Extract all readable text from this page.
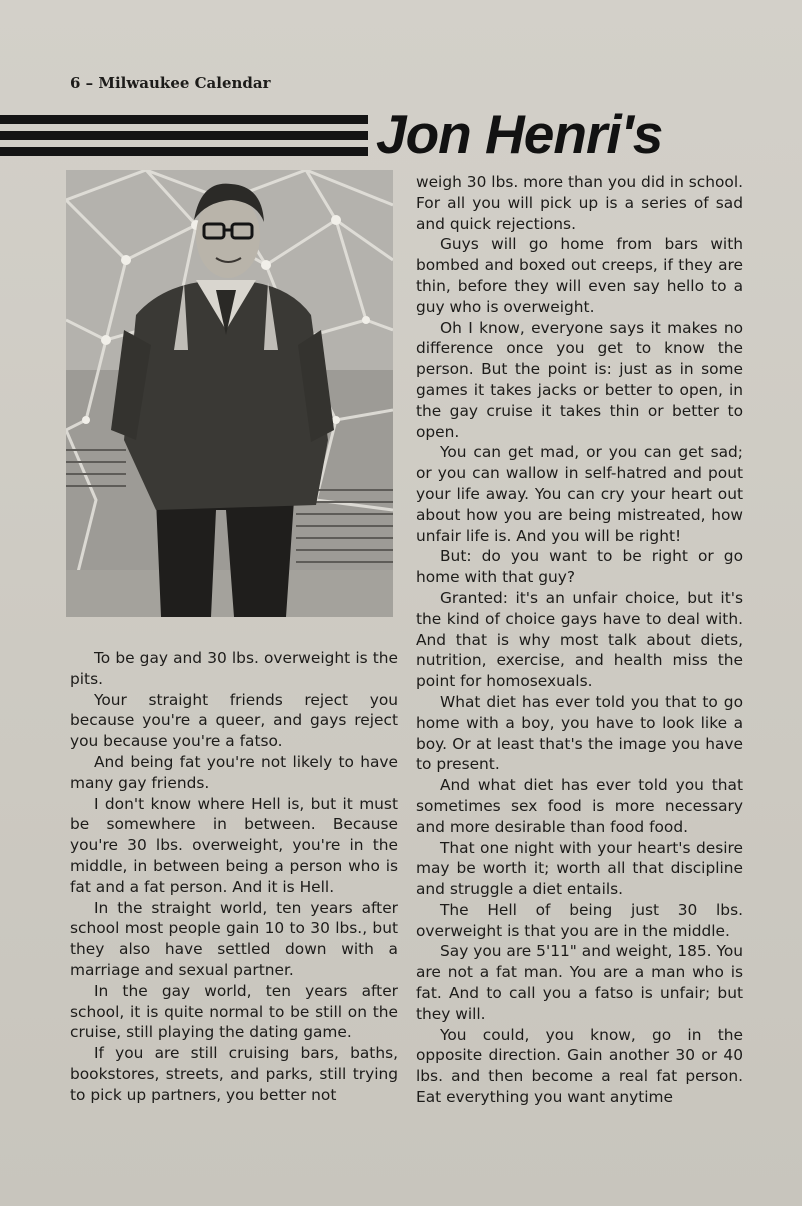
6 – Milwaukee Calendar
Jon Henri's

To be gay and 30 lbs. overweight is the pits.

Your straight friends reject you because you're a queer, and gays reject you because you're a fatso.

And being fat you're not likely to have many gay friends.

I don't know where Hell is, but it must be somewhere in between. Because you're 30 lbs. overweight, you're in the middle, in between being a person who is fat and a fat person. And it is Hell.

In the straight world, ten years after school most people gain 10 to 30 lbs., but they also have settled down with a marriage and sexual partner.

In the gay world, ten years after school, it is quite normal to be still on the cruise, still playing the dating game.

If you are still cruising bars, baths, bookstores, streets, and parks, still trying to pick up partners, you better not

weigh 30 lbs. more than you did in school. For all you will pick up is a series of sad and quick rejections.

Guys will go home from bars with bombed and boxed out creeps, if they are thin, before they will even say hello to a guy who is overweight.

Oh I know, everyone says it makes no difference once you get to know the person. But the point is: just as in some games it takes jacks or better to open, in the gay cruise it takes thin or better to open.

You can get mad, or you can get sad; or you can wallow in self-hatred and pout your life away. You can cry your heart out about how you are being mistreated, how unfair life is. And you will be right!

But: do you want to be right or go home with that guy?

Granted: it's an unfair choice, but it's the kind of choice gays have to deal with. And that is why most talk about diets, nutrition, exercise, and health miss the point for homosexuals.

What diet has ever told you that to go home with a boy, you have to look like a boy. Or at least that's the image you have to present.

And what diet has ever told you that sometimes sex food is more necessary and more desirable than food food.

That one night with your heart's desire may be worth it; worth all that discipline and struggle a diet entails.

The Hell of being just 30 lbs. overweight is that you are in the middle.

Say you are 5'11" and weight, 185. You are not a fat man. You are a man who is fat. And to call you a fatso is unfair; but they will.

You could, you know, go in the opposite direction. Gain another 30 or 40 lbs. and then become a real fat person. Eat everything you want anytime
